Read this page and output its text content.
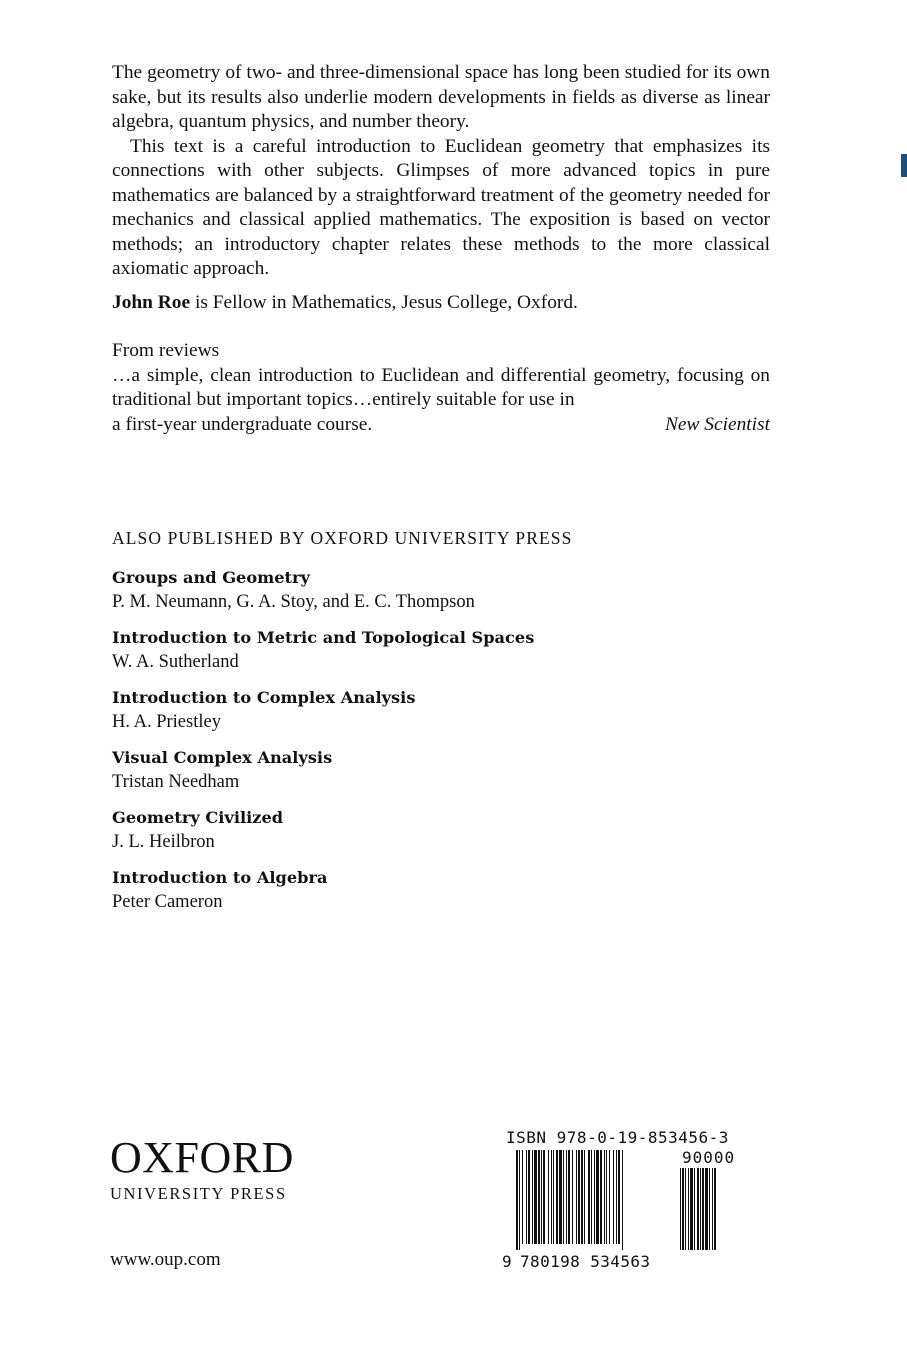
The geometry of two- and three-dimensional space has long been studied for its own sake, but its results also underlie modern developments in fields as diverse as linear algebra, quantum physics, and number theory.

This text is a careful introduction to Euclidean geometry that emphasizes its connections with other subjects. Glimpses of more advanced topics in pure mathematics are balanced by a straightforward treatment of the geometry needed for mechanics and classical applied mathematics. The exposition is based on vector methods; an introductory chapter relates these methods to the more classical axiomatic approach.

John Roe is Fellow in Mathematics, Jesus College, Oxford.

From reviews

…a simple, clean introduction to Euclidean and differential geometry, focusing on traditional but important topics…entirely suitable for use in

a first-year undergraduate course.	New Scientist
ALSO PUBLISHED BY OXFORD UNIVERSITY PRESS
Groups and Geometry
P. M. Neumann, G. A. Stoy, and E. C. Thompson
Introduction to Metric and Topological Spaces
W. A. Sutherland
Introduction to Complex Analysis
H. A. Priestley
Visual Complex Analysis
Tristan Needham
Geometry Civilized
J. L. Heilbron
Introduction to Algebra
Peter Cameron
OXFORD
UNIVERSITY PRESS
www.oup.com
ISBN 978-0-19-853456-3
90000
9 780198 534563
